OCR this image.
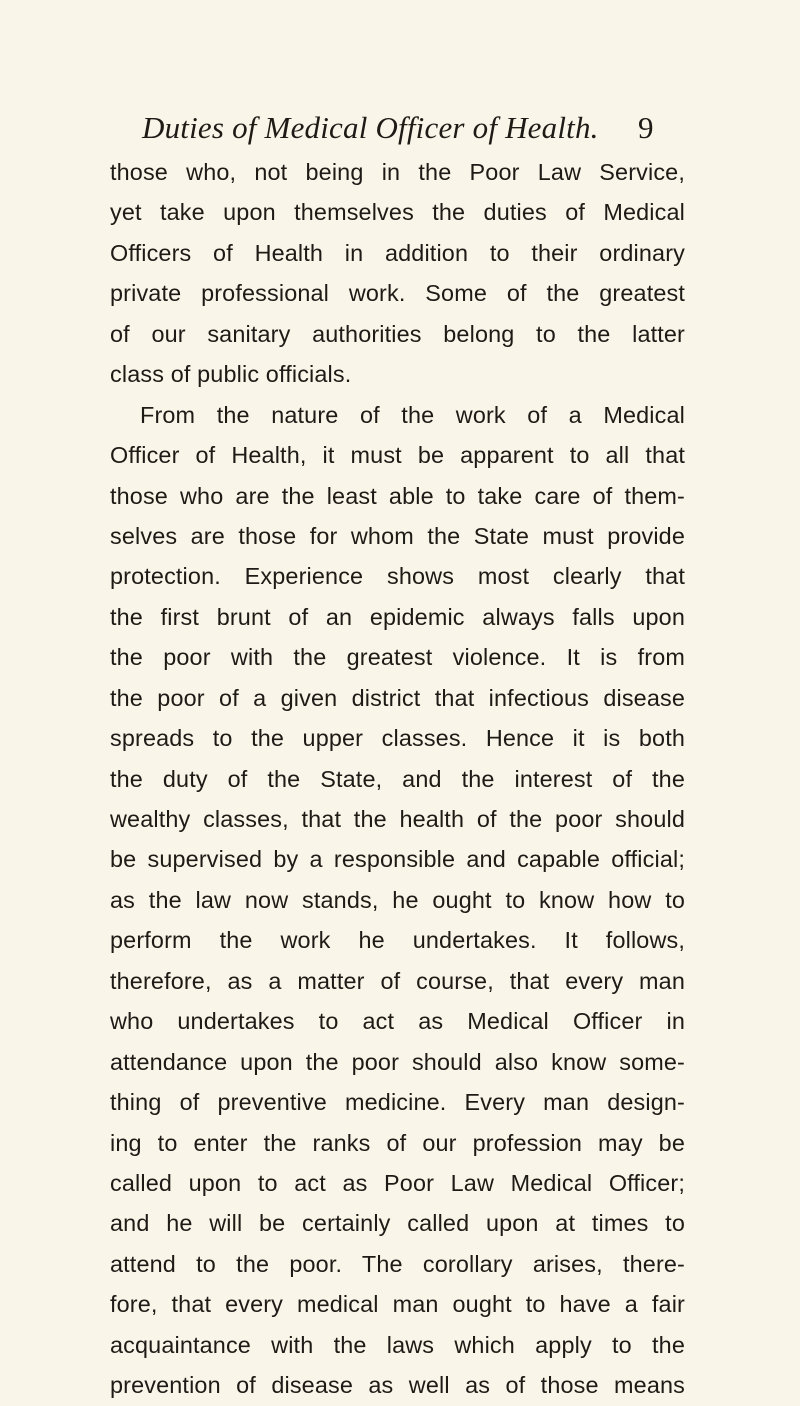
Duties of Medical Officer of Health. 9
those who, not being in the Poor Law Service,
yet take upon themselves the duties of Medical
Officers of Health in addition to their ordinary
private professional work. Some of the greatest
of our sanitary authorities belong to the latter
class of public officials.
From the nature of the work of a Medical
Officer of Health, it must be apparent to all that
those who are the least able to take care of them-
selves are those for whom the State must provide
protection. Experience shows most clearly that
the first brunt of an epidemic always falls upon
the poor with the greatest violence. It is from
the poor of a given district that infectious disease
spreads to the upper classes. Hence it is both
the duty of the State, and the interest of the
wealthy classes, that the health of the poor should
be supervised by a responsible and capable official;
as the law now stands, he ought to know how to
perform the work he undertakes. It follows,
therefore, as a matter of course, that every man
who undertakes to act as Medical Officer in
attendance upon the poor should also know some-
thing of preventive medicine. Every man design-
ing to enter the ranks of our profession may be
called upon to act as Poor Law Medical Officer;
and he will be certainly called upon at times to
attend to the poor. The corollary arises, there-
fore, that every medical man ought to have a fair
acquaintance with the laws which apply to the
prevention of disease as well as of those means
